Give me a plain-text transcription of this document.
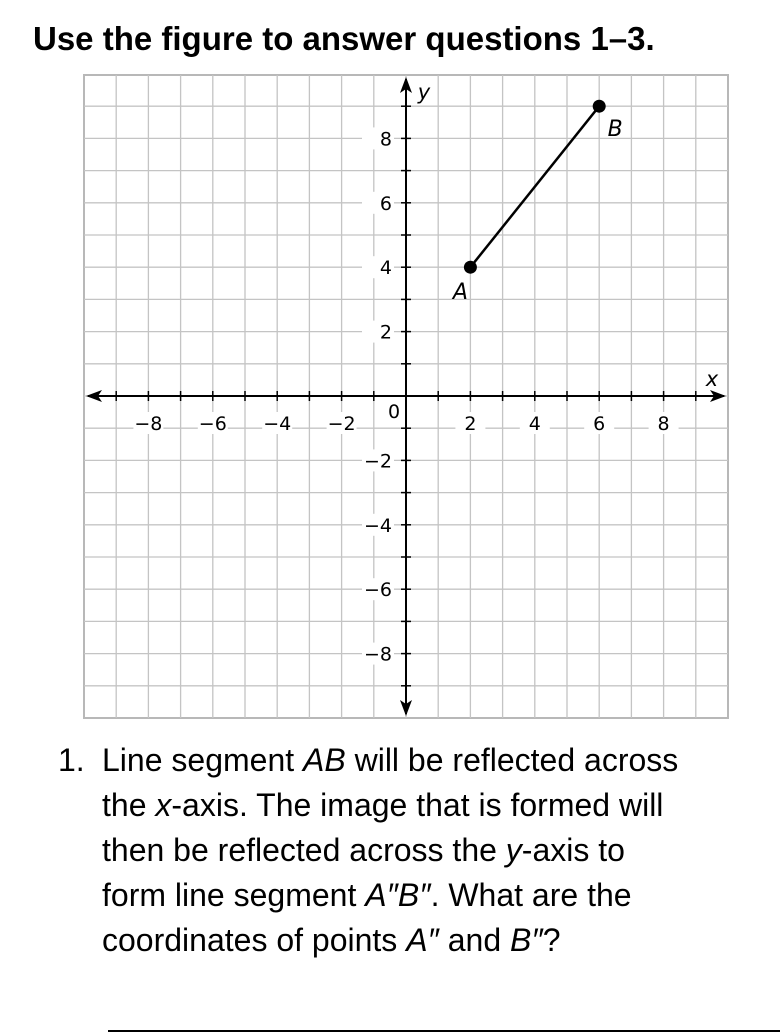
Use the figure to answer questions 1–3.
−8 −6 −4 −2	2	4	6	8
−8
−6
−4
−2
2
4
6
8
0
x
y
A
B
1. Line segment AB will be reflected across
the x-axis. The image that is formed will
then be reflected across the y-axis to
form line segment A″B″. What are the
coordinates of points A″ and B″?
